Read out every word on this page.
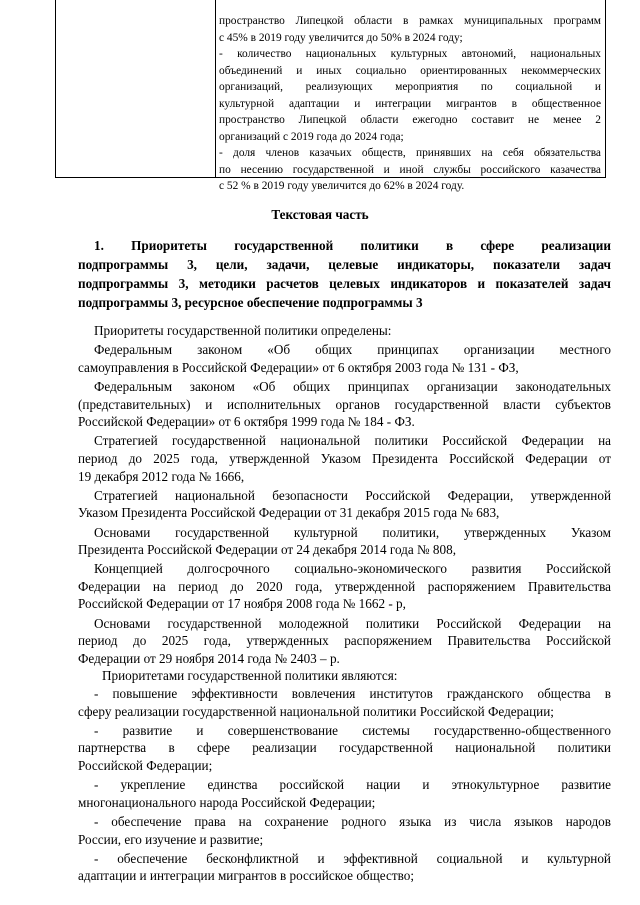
пространство Липецкой области в рамках муниципальных программ
с 45% в 2019 году увеличится до 50% в 2024 году;
- количество национальных культурных автономий, национальных
объединений и иных социально ориентированных некоммерческих
организаций, реализующих мероприятия по социальной и
культурной адаптации и интеграции мигрантов в общественное
пространство Липецкой области ежегодно составит не менее 2
организаций с 2019 года до 2024 года;
- доля членов казачьих обществ, принявших на себя обязательства
по несению государственной и иной службы российского казачества
с 52 % в 2019 году увеличится до 62% в 2024 году.
Текстовая часть
1. Приоритеты государственной политики в сфере реализации
подпрограммы 3, цели, задачи, целевые индикаторы, показатели задач
подпрограммы 3, методики расчетов целевых индикаторов и показателей задач
подпрограммы 3, ресурсное обеспечение подпрограммы 3
Приоритеты государственной политики определены:
Федеральным законом «Об общих принципах организации местного
самоуправления в Российской Федерации» от 6 октября 2003 года № 131 - ФЗ,
Федеральным законом «Об общих принципах организации законодательных
(представительных) и исполнительных органов государственной власти субъектов
Российской Федерации» от 6 октября 1999 года № 184 - ФЗ.
Стратегией государственной национальной политики Российской Федерации на
период до 2025 года, утвержденной Указом Президента Российской Федерации от
19 декабря 2012 года № 1666,
Стратегией национальной безопасности Российской Федерации, утвержденной
Указом Президента Российской Федерации от 31 декабря 2015 года № 683,
Основами государственной культурной политики, утвержденных Указом
Президента Российской Федерации от 24 декабря 2014 года № 808,
Концепцией долгосрочного социально-экономического развития Российской
Федерации на период до 2020 года, утвержденной распоряжением Правительства
Российской Федерации от 17 ноября 2008 года № 1662 - р,
Основами государственной молодежной политики Российской Федерации на
период до 2025 года, утвержденных распоряжением Правительства Российской
Федерации от 29 ноября 2014 года № 2403 – р.
Приоритетами государственной политики являются:
- повышение эффективности вовлечения институтов гражданского общества в
сферу реализации государственной национальной политики Российской Федерации;
- развитие и совершенствование системы государственно-общественного
партнерства в сфере реализации государственной национальной политики
Российской Федерации;
- укрепление единства российской нации и этнокультурное развитие
многонационального народа Российской Федерации;
- обеспечение права на сохранение родного языка из числа языков народов
России, его изучение и развитие;
- обеспечение бесконфликтной и эффективной социальной и культурной
адаптации и интеграции мигрантов в российское общество;
